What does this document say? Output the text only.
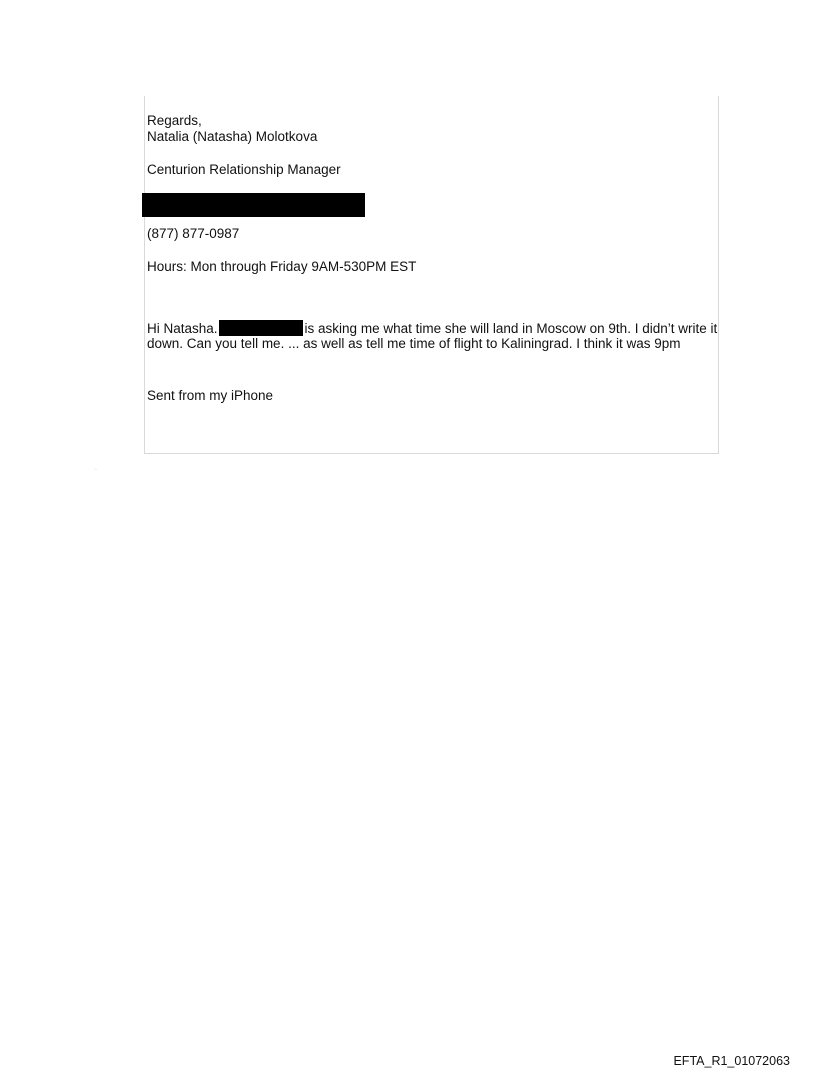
Regards,
Natalia (Natasha) Molotkova
Centurion Relationship Manager
(877) 877-0987
Hours: Mon through Friday 9AM-530PM EST
Hi Natasha.	is asking me what time she will land in Moscow on 9th. I didn’t write it down. Can you tell me. ... as well as tell me time of flight to Kaliningrad. I think it was 9pm
Sent from my iPhone
:...
EFTA_R1_01072063
